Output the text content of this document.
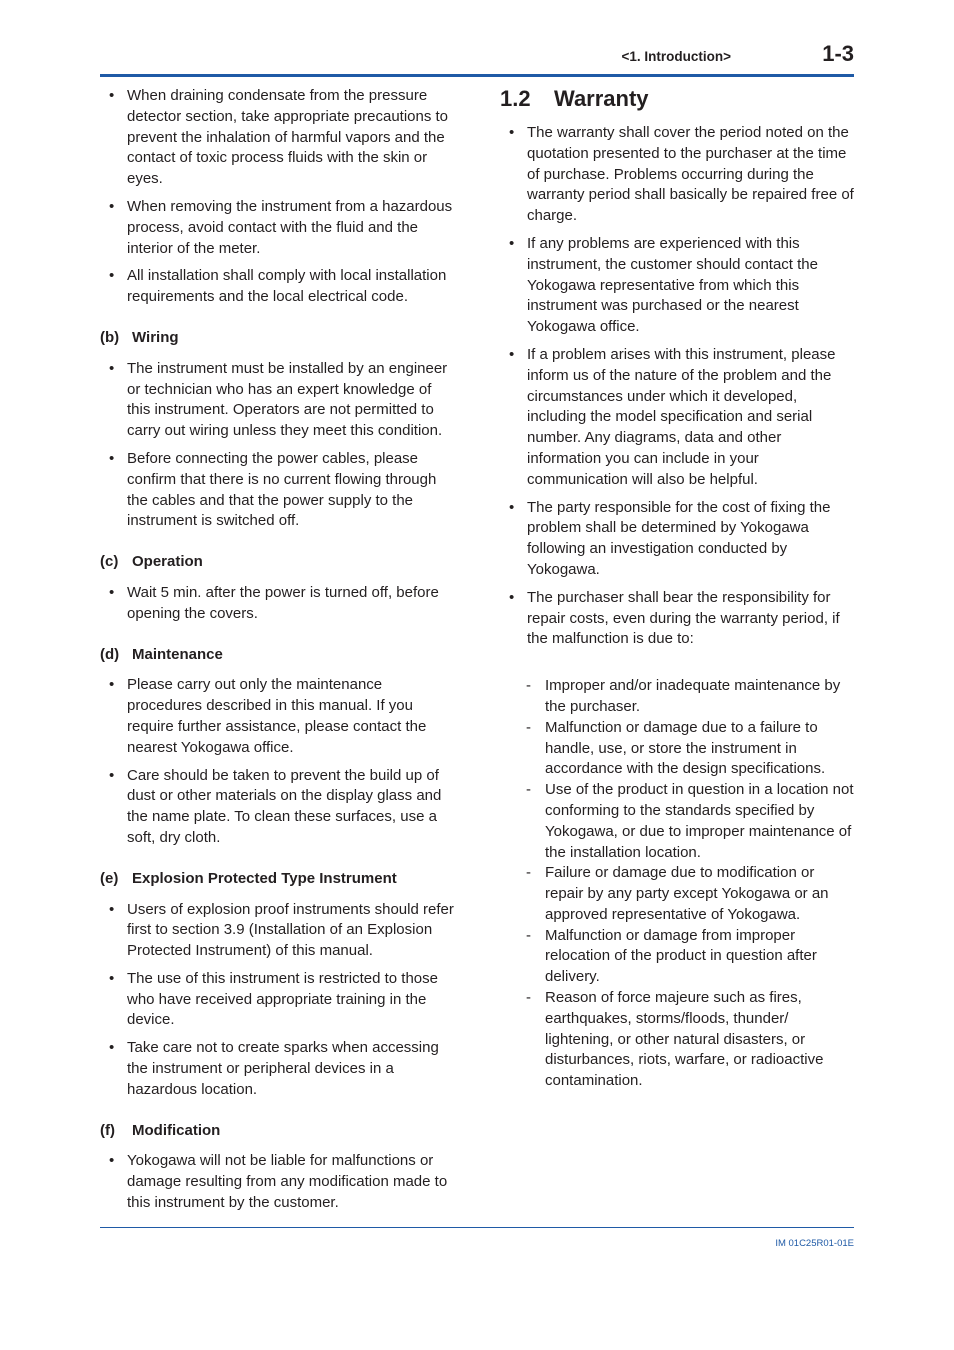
<1. Introduction>	1-3
• When draining condensate from the pressure detector section, take appropriate precautions to prevent the inhalation of harmful vapors and the contact of toxic process fluids with the skin or eyes.
• When removing the instrument from a hazardous process, avoid contact with the fluid and the interior of the meter.
• All installation shall comply with local installation requirements and the local electrical code.
(b) Wiring
• The instrument must be installed by an engineer or technician who has an expert knowledge of this instrument. Operators are not permitted to carry out wiring unless they meet this condition.
• Before connecting the power cables, please confirm that there is no current flowing through the cables and that the power supply to the instrument is switched off.
(c) Operation
• Wait 5 min. after the power is turned off, before opening the covers.
(d) Maintenance
• Please carry out only the maintenance procedures described in this manual. If you require further assistance, please contact the nearest Yokogawa office.
• Care should be taken to prevent the build up of dust or other materials on the display glass and the name plate. To clean these surfaces, use a soft, dry cloth.
(e) Explosion Protected Type Instrument
• Users of explosion proof instruments should refer first to section 3.9 (Installation of an Explosion Protected Instrument) of this manual.
• The use of this instrument is restricted to those who have received appropriate training in the device.
• Take care not to create sparks when accessing the instrument or peripheral devices in a hazardous location.
(f) Modification
• Yokogawa will not be liable for malfunctions or damage resulting from any modification made to this instrument by the customer.
1.2 Warranty
• The warranty shall cover the period noted on the quotation presented to the purchaser at the time of purchase. Problems occurring during the warranty period shall basically be repaired free of charge.
• If any problems are experienced with this instrument, the customer should contact the Yokogawa representative from which this instrument was purchased or the nearest Yokogawa office.
• If a problem arises with this instrument, please inform us of the nature of the problem and the circumstances under which it developed, including the model specification and serial number. Any diagrams, data and other information you can include in your communication will also be helpful.
• The party responsible for the cost of fixing the problem shall be determined by Yokogawa following an investigation conducted by Yokogawa.
• The purchaser shall bear the responsibility for repair costs, even during the warranty period, if the malfunction is due to:
- Improper and/or inadequate maintenance by the purchaser.
- Malfunction or damage due to a failure to handle, use, or store the instrument in accordance with the design specifications.
- Use of the product in question in a location not conforming to the standards specified by Yokogawa, or due to improper maintenance of the installation location.
- Failure or damage due to modification or repair by any party except Yokogawa or an approved representative of Yokogawa.
- Malfunction or damage from improper relocation of the product in question after delivery.
- Reason of force majeure such as fires, earthquakes, storms/floods, thunder/ lightening, or other natural disasters, or disturbances, riots, warfare, or radioactive contamination.
IM 01C25R01-01E
